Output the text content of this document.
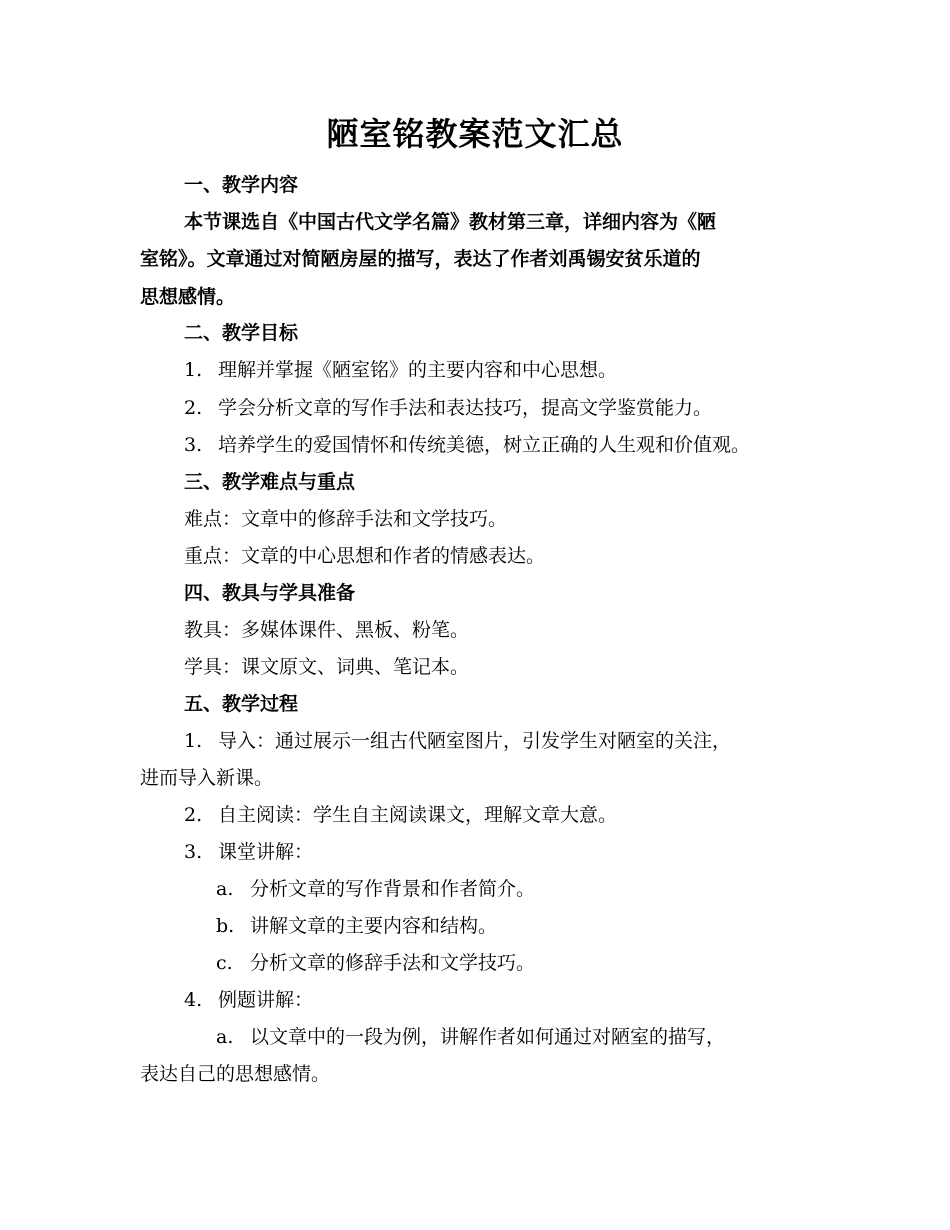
陋室铭教案范文汇总
一、教学内容
本节课选自《中国古代文学名篇》教材第三章，详细内容为《陋
室铭》。文章通过对简陋房屋的描写，表达了作者刘禹锡安贫乐道的
思想感情。
二、教学目标
1. 理解并掌握《陋室铭》的主要内容和中心思想。
2. 学会分析文章的写作手法和表达技巧，提高文学鉴赏能力。
3. 培养学生的爱国情怀和传统美德，树立正确的人生观和价值观。
三、教学难点与重点
难点：文章中的修辞手法和文学技巧。
重点：文章的中心思想和作者的情感表达。
四、教具与学具准备
教具：多媒体课件、黑板、粉笔。
学具：课文原文、词典、笔记本。
五、教学过程
1. 导入：通过展示一组古代陋室图片，引发学生对陋室的关注，
进而导入新课。
2. 自主阅读：学生自主阅读课文，理解文章大意。
3. 课堂讲解：
a. 分析文章的写作背景和作者简介。
b. 讲解文章的主要内容和结构。
c. 分析文章的修辞手法和文学技巧。
4. 例题讲解：
a. 以文章中的一段为例，讲解作者如何通过对陋室的描写，
表达自己的思想感情。
